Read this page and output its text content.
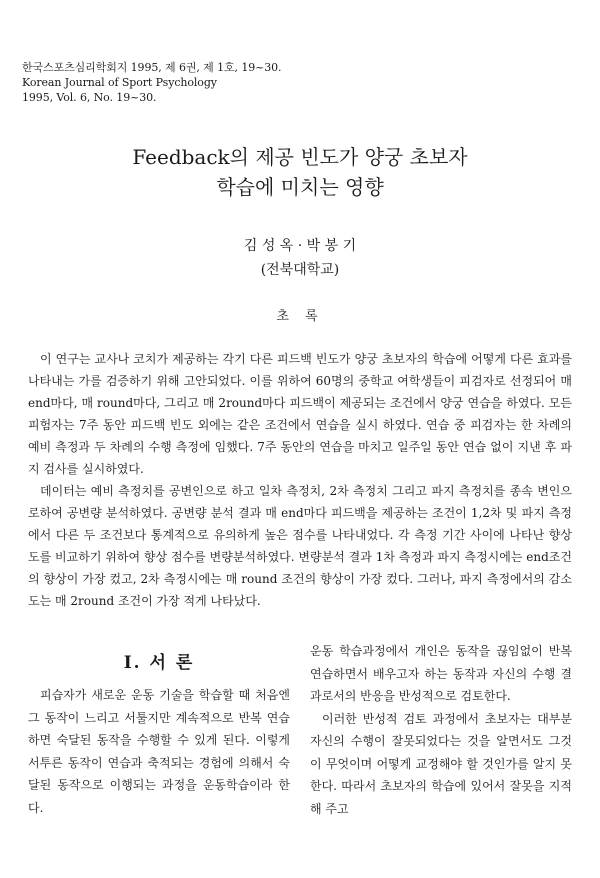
한국스포츠심리학회지 1995, 제 6권, 제 1호, 19~30.
Korean Journal of Sport Psychology
1995, Vol. 6, No. 19~30.
Feedback의 제공 빈도가 양궁 초보자
학습에 미치는 영향
김 성 옥 · 박 봉 기
(전북대학교)
초 록

이 연구는 교사나 코치가 제공하는 각기 다른 피드백 빈도가 양궁 초보자의 학습에 어떻게 다른 효과를 나타내는 가를 검증하기 위해 고안되었다. 이를 위하여 60명의 중학교 여학생들이 피검자로 선정되어 매 end마다, 매 round마다, 그리고 매 2round마다 피드백이 제공되는 조건에서 양궁 연습을 하였다. 모든 피험자는 7주 동안 피드백 빈도 외에는 같은 조건에서 연습을 실시 하였다. 연습 중 피검자는 한 차례의 예비 측정과 두 차례의 수행 측정에 임했다. 7주 동안의 연습을 마치고 일주일 동안 연습 없이 지낸 후 파지 검사를 실시하였다.

데이터는 예비 측정치를 공변인으로 하고 일차 측정치, 2차 측정치 그리고 파지 측정치를 종속 변인으로하여 공변량 분석하였다. 공변량 분석 결과 매 end마다 피드백을 제공하는 조건이 1,2차 및 파지 측정에서 다른 두 조건보다 통계적으로 유의하게 높은 점수를 나타내었다. 각 측정 기간 사이에 나타난 향상도를 비교하기 위하여 향상 점수를 변량분석하였다. 변량분석 결과 1차 측정과 파지 측정시에는 end조건의 향상이 가장 컸고, 2차 측정시에는 매 round 조건의 향상이 가장 컸다. 그러나, 파지 측정에서의 감소도는 매 2round 조건이 가장 적게 나타났다.

I. 서 론

피습자가 새로운 운동 기술을 학습할 때 처음엔 그 동작이 느리고 서툴지만 계속적으로 반복 연습하면 숙달된 동작을 수행할 수 있게 된다. 이렇게 서투른 동작이 연습과 축적되는 경험에 의해서 숙달된 동작으로 이행되는 과정을 운동학습이라 한다.

운동 학습과정에서 개인은 동작을 끊임없이 반복 연습하면서 배우고자 하는 동작과 자신의 수행 결과로서의 반응을 반성적으로 검토한다.

이러한 반성적 검토 과정에서 초보자는 대부분 자신의 수행이 잘못되었다는 것을 알면서도 그것이 무엇이며 어떻게 교정해야 할 것인가를 알지 못한다. 따라서 초보자의 학습에 있어서 잘못을 지적해 주고
